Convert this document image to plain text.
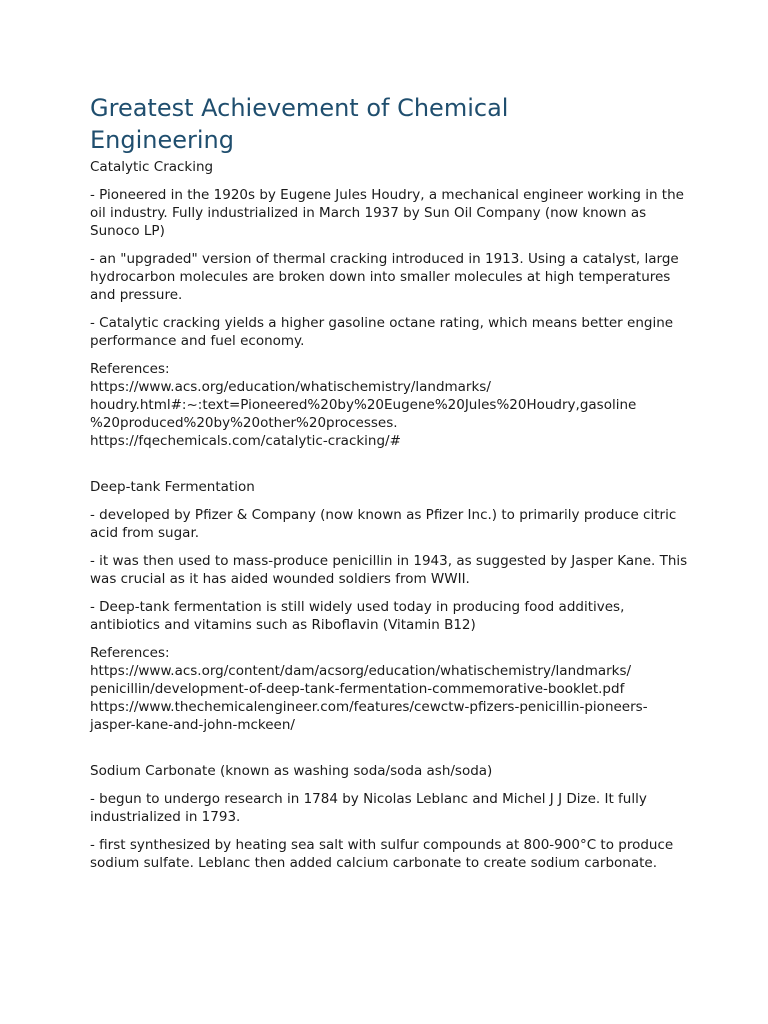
Greatest Achievement of Chemical
Engineering

Catalytic Cracking

- Pioneered in the 1920s by Eugene Jules Houdry, a mechanical engineer working in the oil industry. Fully industrialized in March 1937 by Sun Oil Company (now known as Sunoco LP)

- an "upgraded" version of thermal cracking introduced in 1913. Using a catalyst, large hydrocarbon molecules are broken down into smaller molecules at high temperatures and pressure.

- Catalytic cracking yields a higher gasoline octane rating, which means better engine performance and fuel economy.

References:
https://www.acs.org/education/whatischemistry/landmarks/
houdry.html#:~:text=Pioneered%20by%20Eugene%20Jules%20Houdry,gasoline
%20produced%20by%20other%20processes.
https://fqechemicals.com/catalytic-cracking/#

Deep-tank Fermentation

- developed by Pfizer & Company (now known as Pfizer Inc.) to primarily produce citric acid from sugar.

- it was then used to mass-produce penicillin in 1943, as suggested by Jasper Kane. This was crucial as it has aided wounded soldiers from WWII.

- Deep-tank fermentation is still widely used today in producing food additives, antibiotics and vitamins such as Riboflavin (Vitamin B12)

References:
https://www.acs.org/content/dam/acsorg/education/whatischemistry/landmarks/
penicillin/development-of-deep-tank-fermentation-commemorative-booklet.pdf
https://www.thechemicalengineer.com/features/cewctw-pfizers-penicillin-pioneers-
jasper-kane-and-john-mckeen/

Sodium Carbonate (known as washing soda/soda ash/soda)

- begun to undergo research in 1784 by Nicolas Leblanc and Michel J J Dize. It fully industrialized in 1793.

- first synthesized by heating sea salt with sulfur compounds at 800-900°C to produce sodium sulfate. Leblanc then added calcium carbonate to create sodium carbonate.
